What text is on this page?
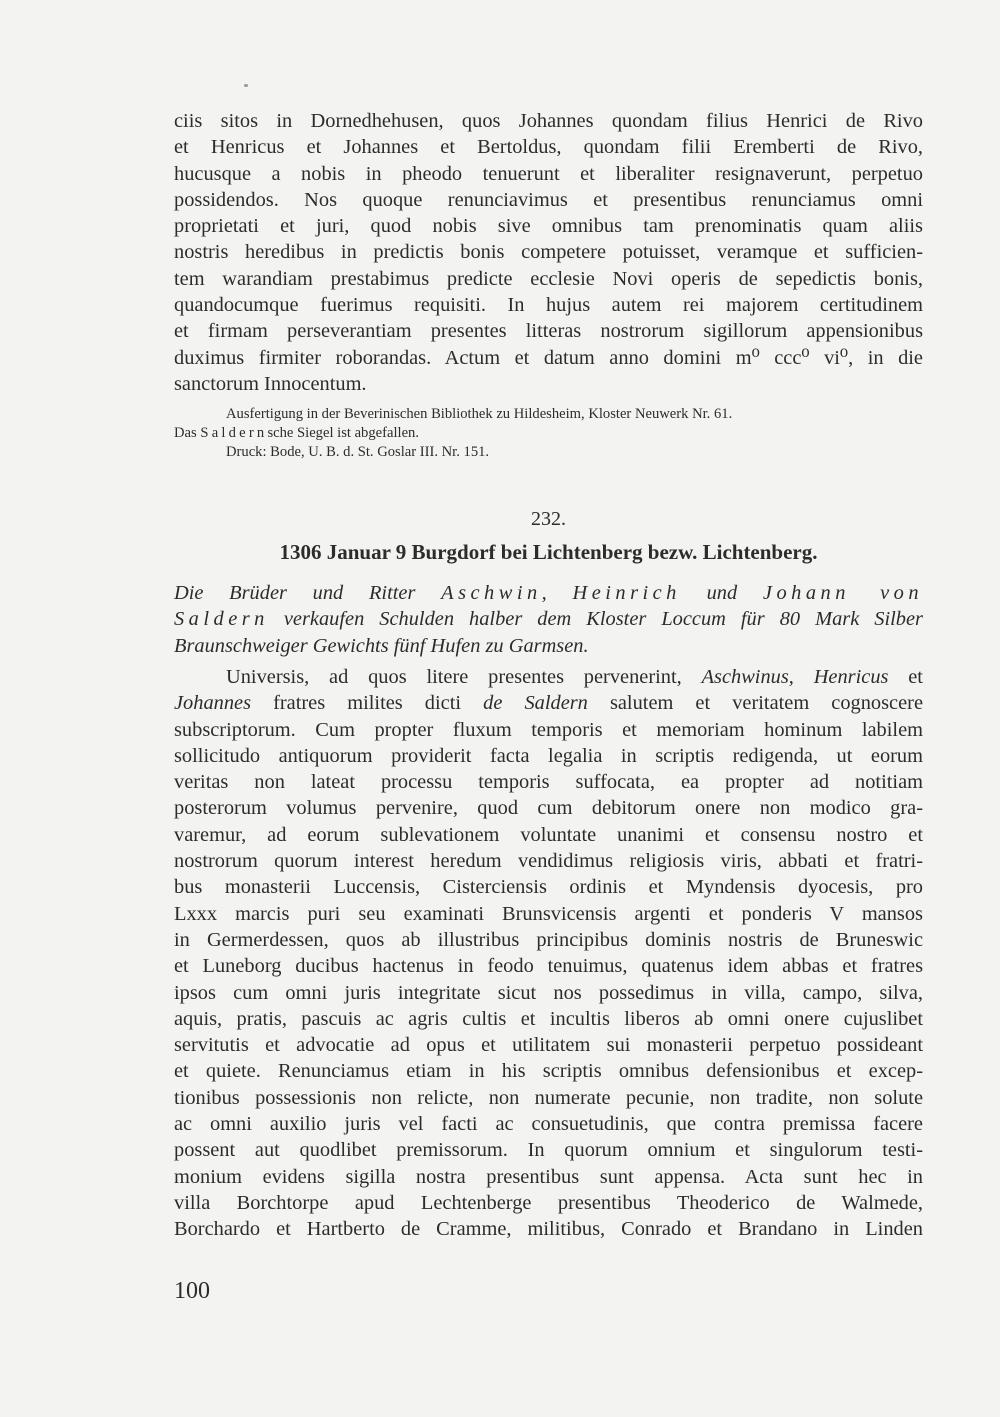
ciis sitos in Dornedhehusen, quos Johannes quondam filius Henrici de Rivo
et Henricus et Johannes et Bertoldus, quondam filii Eremberti de Rivo,
hucusque a nobis in pheodo tenuerunt et liberaliter resignaverunt, perpetuo
possidendos. Nos quoque renunciavimus et presentibus renunciamus omni
proprietati et juri, quod nobis sive omnibus tam prenominatis quam aliis
nostris heredibus in predictis bonis competere potuisset, veramque et sufficien-
tem warandiam prestabimus predicte ecclesie Novi operis de sepedictis bonis,
quandocumque fuerimus requisiti. In hujus autem rei majorem certitudinem
et firmam perseverantiam presentes litteras nostrorum sigillorum appensionibus
duximus firmiter roborandas. Actum et datum anno domini m⁰ ccc⁰ vi⁰, in die
sanctorum Innocentum.

Ausfertigung in der Beverinischen Bibliothek zu Hildesheim, Kloster Neuwerk Nr. 61.
Das Saldernsche Siegel ist abgefallen.
Druck: Bode, U. B. d. St. Goslar III. Nr. 151.

232.
1306 Januar 9 Burgdorf bei Lichtenberg bezw. Lichtenberg.
Die Brüder und Ritter Aschwin, Heinrich und Johann von
Saldern verkaufen Schulden halber dem Kloster Loccum für 80 Mark Silber
Braunschweiger Gewichts fünf Hufen zu Garmsen.

Universis, ad quos litere presentes pervenerint, Aschwinus, Henricus et
Johannes fratres milites dicti de Saldern salutem et veritatem cognoscere
subscriptorum. Cum propter fluxum temporis et memoriam hominum labilem
sollicitudo antiquorum providerit facta legalia in scriptis redigenda, ut eorum
veritas non lateat processu temporis suffocata, ea propter ad notitiam
posterorum volumus pervenire, quod cum debitorum onere non modico gra-
varemur, ad eorum sublevationem voluntate unanimi et consensu nostro et
nostrorum quorum interest heredum vendidimus religiosis viris, abbati et fratri-
bus monasterii Luccensis, Cisterciensis ordinis et Myndensis dyocesis, pro
Lxxx marcis puri seu examinati Brunsvicensis argenti et ponderis V mansos
in Germerdessen, quos ab illustribus principibus dominis nostris de Bruneswic
et Luneborg ducibus hactenus in feodo tenuimus, quatenus idem abbas et fratres
ipsos cum omni juris integritate sicut nos possedimus in villa, campo, silva,
aquis, pratis, pascuis ac agris cultis et incultis liberos ab omni onere cujuslibet
servitutis et advocatie ad opus et utilitatem sui monasterii perpetuo possideant
et quiete. Renunciamus etiam in his scriptis omnibus defensionibus et excep-
tionibus possessionis non relicte, non numerate pecunie, non tradite, non solute
ac omni auxilio juris vel facti ac consuetudinis, que contra premissa facere
possent aut quodlibet premissorum. In quorum omnium et singulorum testi-
monium evidens sigilla nostra presentibus sunt appensa. Acta sunt hec in
villa Borchtorpe apud Lechtenberge presentibus Theoderico de Walmede,
Borchardo et Hartberto de Cramme, militibus, Conrado et Brandano in Linden

100
